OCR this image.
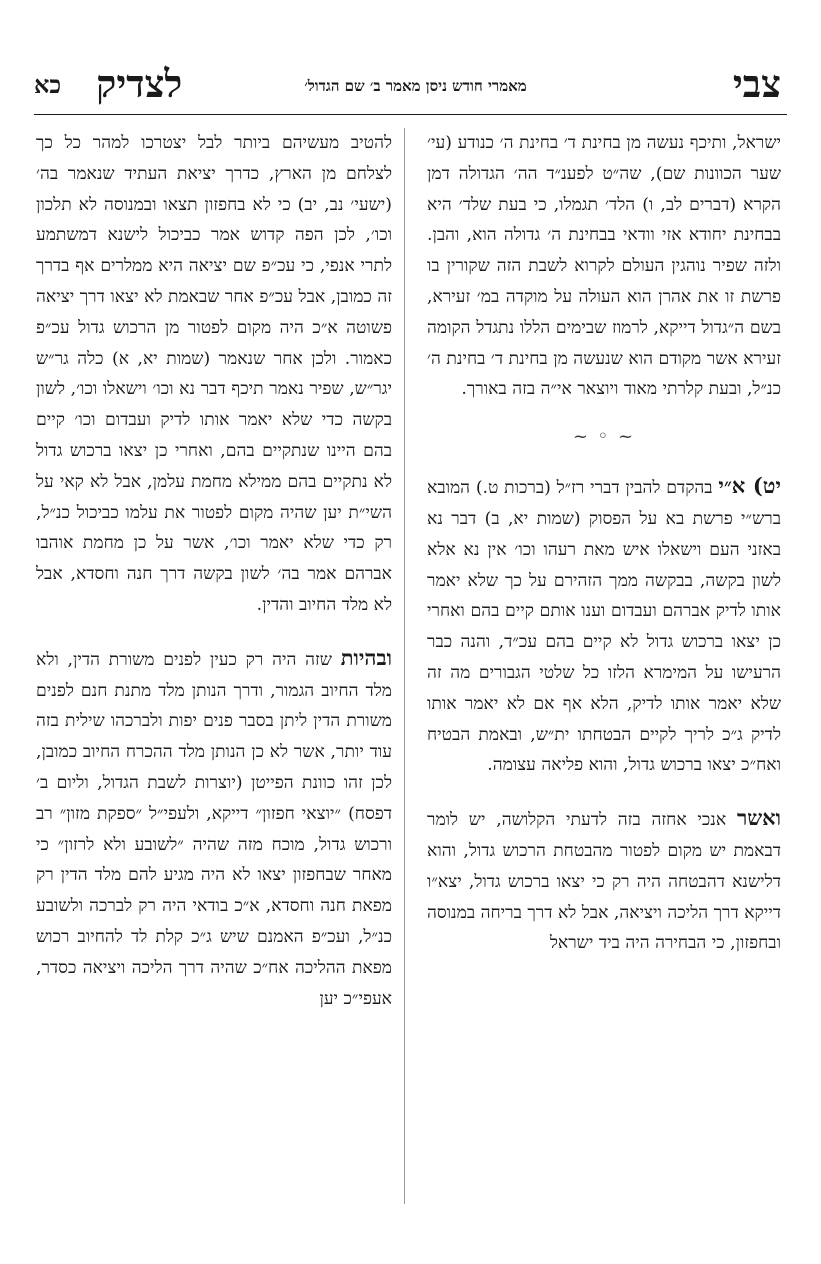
צבי
מאמרי חודש ניסן מאמר ב׳ שם הגדול׳
לצדיק
כא

ישראל, ותיכף נעשה מן בחינת ד׳ בחינת ה׳ כנודע (עי׳ שער הכוונות שם), שה״ט לפענ״ד הה׳ הגדולה דמן הקרא (דברים לב, ו) הלד׳ תגמלו, כי בעת שלד׳ היא בבחינת יחודא אזי וודאי בבחינת ה׳ גדולה הוא, והבן. ולזה שפיר נוהגין העולם לקרוא לשבת הזה שקורין בו פרשת זו את אהרן הוא העולה על מוקדה במ׳ זעירא, בשם ה״גדול דייקא, לרמוז שבימים הללו נתגדל הקומה זעירא אשר מקודם הוא שנעשה מן בחינת ד׳ בחינת ה׳ כנ״ל, ובעת קלרתי מאוד ויוצאר אי״ה בזה באורך.

~ ◦ ~

יט) א״י בהקדם להבין דברי רז״ל (ברכות ט.) המובא ברש״י פרשת בא על הפסוק (שמות יא, ב) דבר נא באזני העם וישאלו איש מאת רעהו וכו׳ אין נא אלא לשון בקשה, בבקשה ממך הזהירם על כך שלא יאמר אותו לדיק אברהם ועבדום וענו אותם קיים בהם ואחרי כן יצאו ברכוש גדול לא קיים בהם עכ״ד, והנה כבר הרעישו על המימרא הלזו כל שלטי הגבורים מה זה שלא יאמר אותו לדיק, הלא אף אם לא יאמר אותו לדיק ג״כ לריך לקיים הבטחתו ית״ש, ובאמת הבטיח ואח״כ יצאו ברכוש גדול, והוא פליאה עצומה.

ואשר אנכי אחזה בזה לדעתי הקלושה, יש לומר דבאמת יש מקום לפטור מהבטחת הרכוש גדול, והוא דלישנא דהבטחה היה רק כי יצאו ברכוש גדול, יצא״ו דייקא דרך הליכה ויציאה, אבל לא דרך בריחה במנוסה ובחפזון, כי הבחירה היה ביד ישראל

להטיב מעשיהם ביותר לבל יצטרכו למהר כל כך לצלחם מן הארץ, כדרך יציאת העתיד שנאמר בה׳ (ישעי׳ נב, יב) כי לא בחפזון תצאו ובמנוסה לא תלכון וכו׳, לכן הפה קדוש אמר כביכול לישנא דמשתמע לתרי אנפי, כי עכ״פ שם יציאה היא ממלרים אף בדרך זה כמובן, אבל עכ״פ אחר שבאמת לא יצאו דרך יציאה פשוטה א״כ היה מקום לפטור מן הרכוש גדול עכ״פ כאמור. ולכן אחר שנאמר (שמות יא, א) כלה גר״ש יגר״ש, שפיר נאמר תיכף דבר נא וכו׳ וישאלו וכו׳, לשון בקשה כדי שלא יאמר אותו לדיק ועבדום וכו׳ קיים בהם היינו שנתקיים בהם, ואחרי כן יצאו ברכוש גדול לא נתקיים בהם ממילא מחמת עלמן, אבל לא קאי על השי״ת יען שהיה מקום לפטור את עלמו כביכול כנ״ל, רק כדי שלא יאמר וכו׳, אשר על כן מחמת אוהבו אברהם אמר בה׳ לשון בקשה דרך חנה וחסדא, אבל לא מלד החיוב והדין.

ובהיות שזה היה רק כעין לפנים משורת הדין, ולא מלד החיוב הגמור, ודרך הנותן מלד מתנת חנם לפנים משורת הדין ליתן בסבר פנים יפות ולברכהו שילית בזה עוד יותר, אשר לא כן הנותן מלד ההכרח החיוב כמובן, לכן זהו כוונת הפייטן (יוצרות לשבת הגדול, וליום ב׳ דפסח) ״יוצאי חפזון״ דייקא, ולעפי״ל ״ספקת מזון״ רב ורכוש גדול, מוכח מזה שהיה ״לשובע ולא לרזון״ כי מאחר שבחפזון יצאו לא היה מגיע להם מלד הדין רק מפאת חנה וחסדא, א״כ בודאי היה רק לברכה ולשובע כנ״ל, ועכ״פ האמנם שיש ג״כ קלת לד להחיוב רכוש מפאת ההליכה אח״כ שהיה דרך הליכה ויציאה כסדר, אעפי״כ יען
